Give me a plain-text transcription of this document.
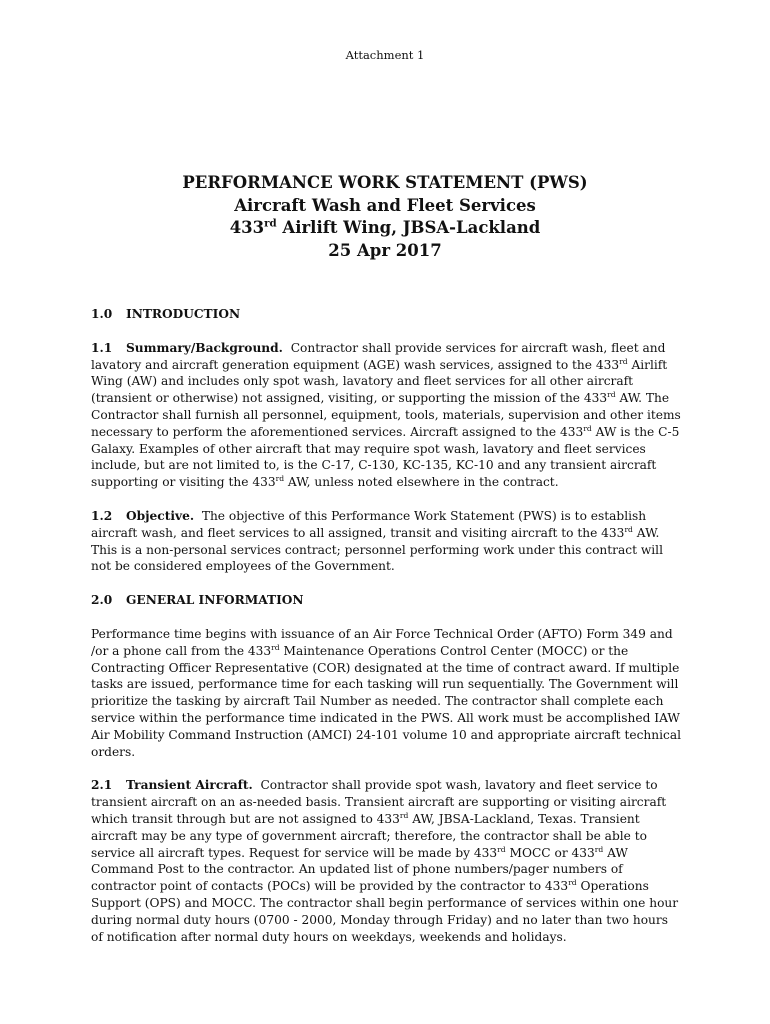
Attachment 1
PERFORMANCE WORK STATEMENT (PWS)
Aircraft Wash and Fleet Services
433rd Airlift Wing, JBSA-Lackland
25 Apr 2017
1.0 INTRODUCTION

1.1 Summary/Background. Contractor shall provide services for aircraft wash, fleet and lavatory and aircraft generation equipment (AGE) wash services, assigned to the 433rd Airlift Wing (AW) and includes only spot wash, lavatory and fleet services for all other aircraft (transient or otherwise) not assigned, visiting, or supporting the mission of the 433rd AW. The Contractor shall furnish all personnel, equipment, tools, materials, supervision and other items necessary to perform the aforementioned services. Aircraft assigned to the 433rd AW is the C-5 Galaxy. Examples of other aircraft that may require spot wash, lavatory and fleet services include, but are not limited to, is the C-17, C-130, KC-135, KC-10 and any transient aircraft supporting or visiting the 433rd AW, unless noted elsewhere in the contract.

1.2 Objective. The objective of this Performance Work Statement (PWS) is to establish aircraft wash, and fleet services to all assigned, transit and visiting aircraft to the 433rd AW. This is a non-personal services contract; personnel performing work under this contract will not be considered employees of the Government.

2.0 GENERAL INFORMATION

Performance time begins with issuance of an Air Force Technical Order (AFTO) Form 349 and /or a phone call from the 433rd Maintenance Operations Control Center (MOCC) or the Contracting Officer Representative (COR) designated at the time of contract award. If multiple tasks are issued, performance time for each tasking will run sequentially. The Government will prioritize the tasking by aircraft Tail Number as needed. The contractor shall complete each service within the performance time indicated in the PWS. All work must be accomplished IAW Air Mobility Command Instruction (AMCI) 24-101 volume 10 and appropriate aircraft technical orders.

2.1 Transient Aircraft. Contractor shall provide spot wash, lavatory and fleet service to transient aircraft on an as-needed basis. Transient aircraft are supporting or visiting aircraft which transit through but are not assigned to 433rd AW, JBSA-Lackland, Texas. Transient aircraft may be any type of government aircraft; therefore, the contractor shall be able to service all aircraft types. Request for service will be made by 433rd MOCC or 433rd AW Command Post to the contractor. An updated list of phone numbers/pager numbers of contractor point of contacts (POCs) will be provided by the contractor to 433rd Operations Support (OPS) and MOCC. The contractor shall begin performance of services within one hour during normal duty hours (0700 - 2000, Monday through Friday) and no later than two hours of notification after normal duty hours on weekdays, weekends and holidays.
